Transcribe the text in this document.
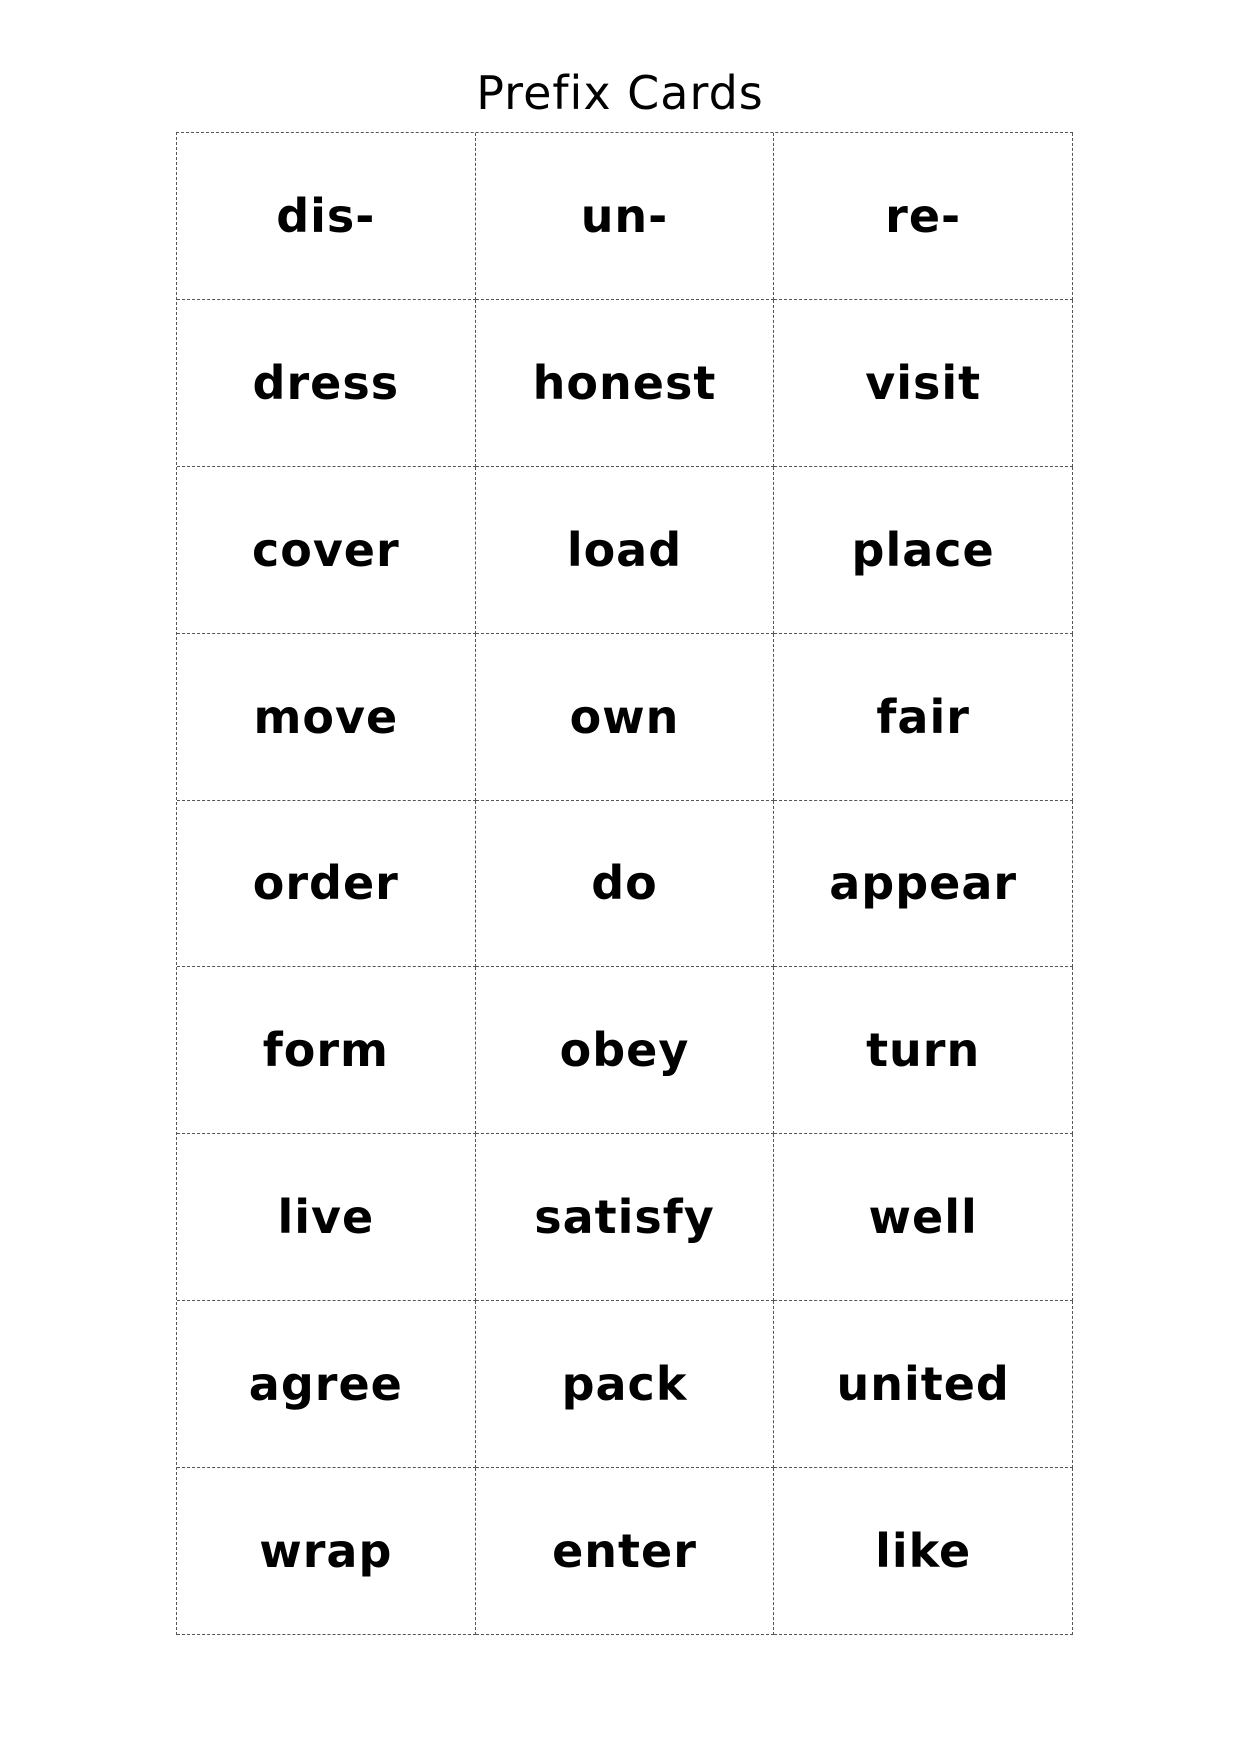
Prefix Cards
dis-	un-	re-
dress	honest	visit
cover	load	place
move	own	fair
order	do	appear
form	obey	turn
live	satisfy	well
agree	pack	united
wrap	enter	like
